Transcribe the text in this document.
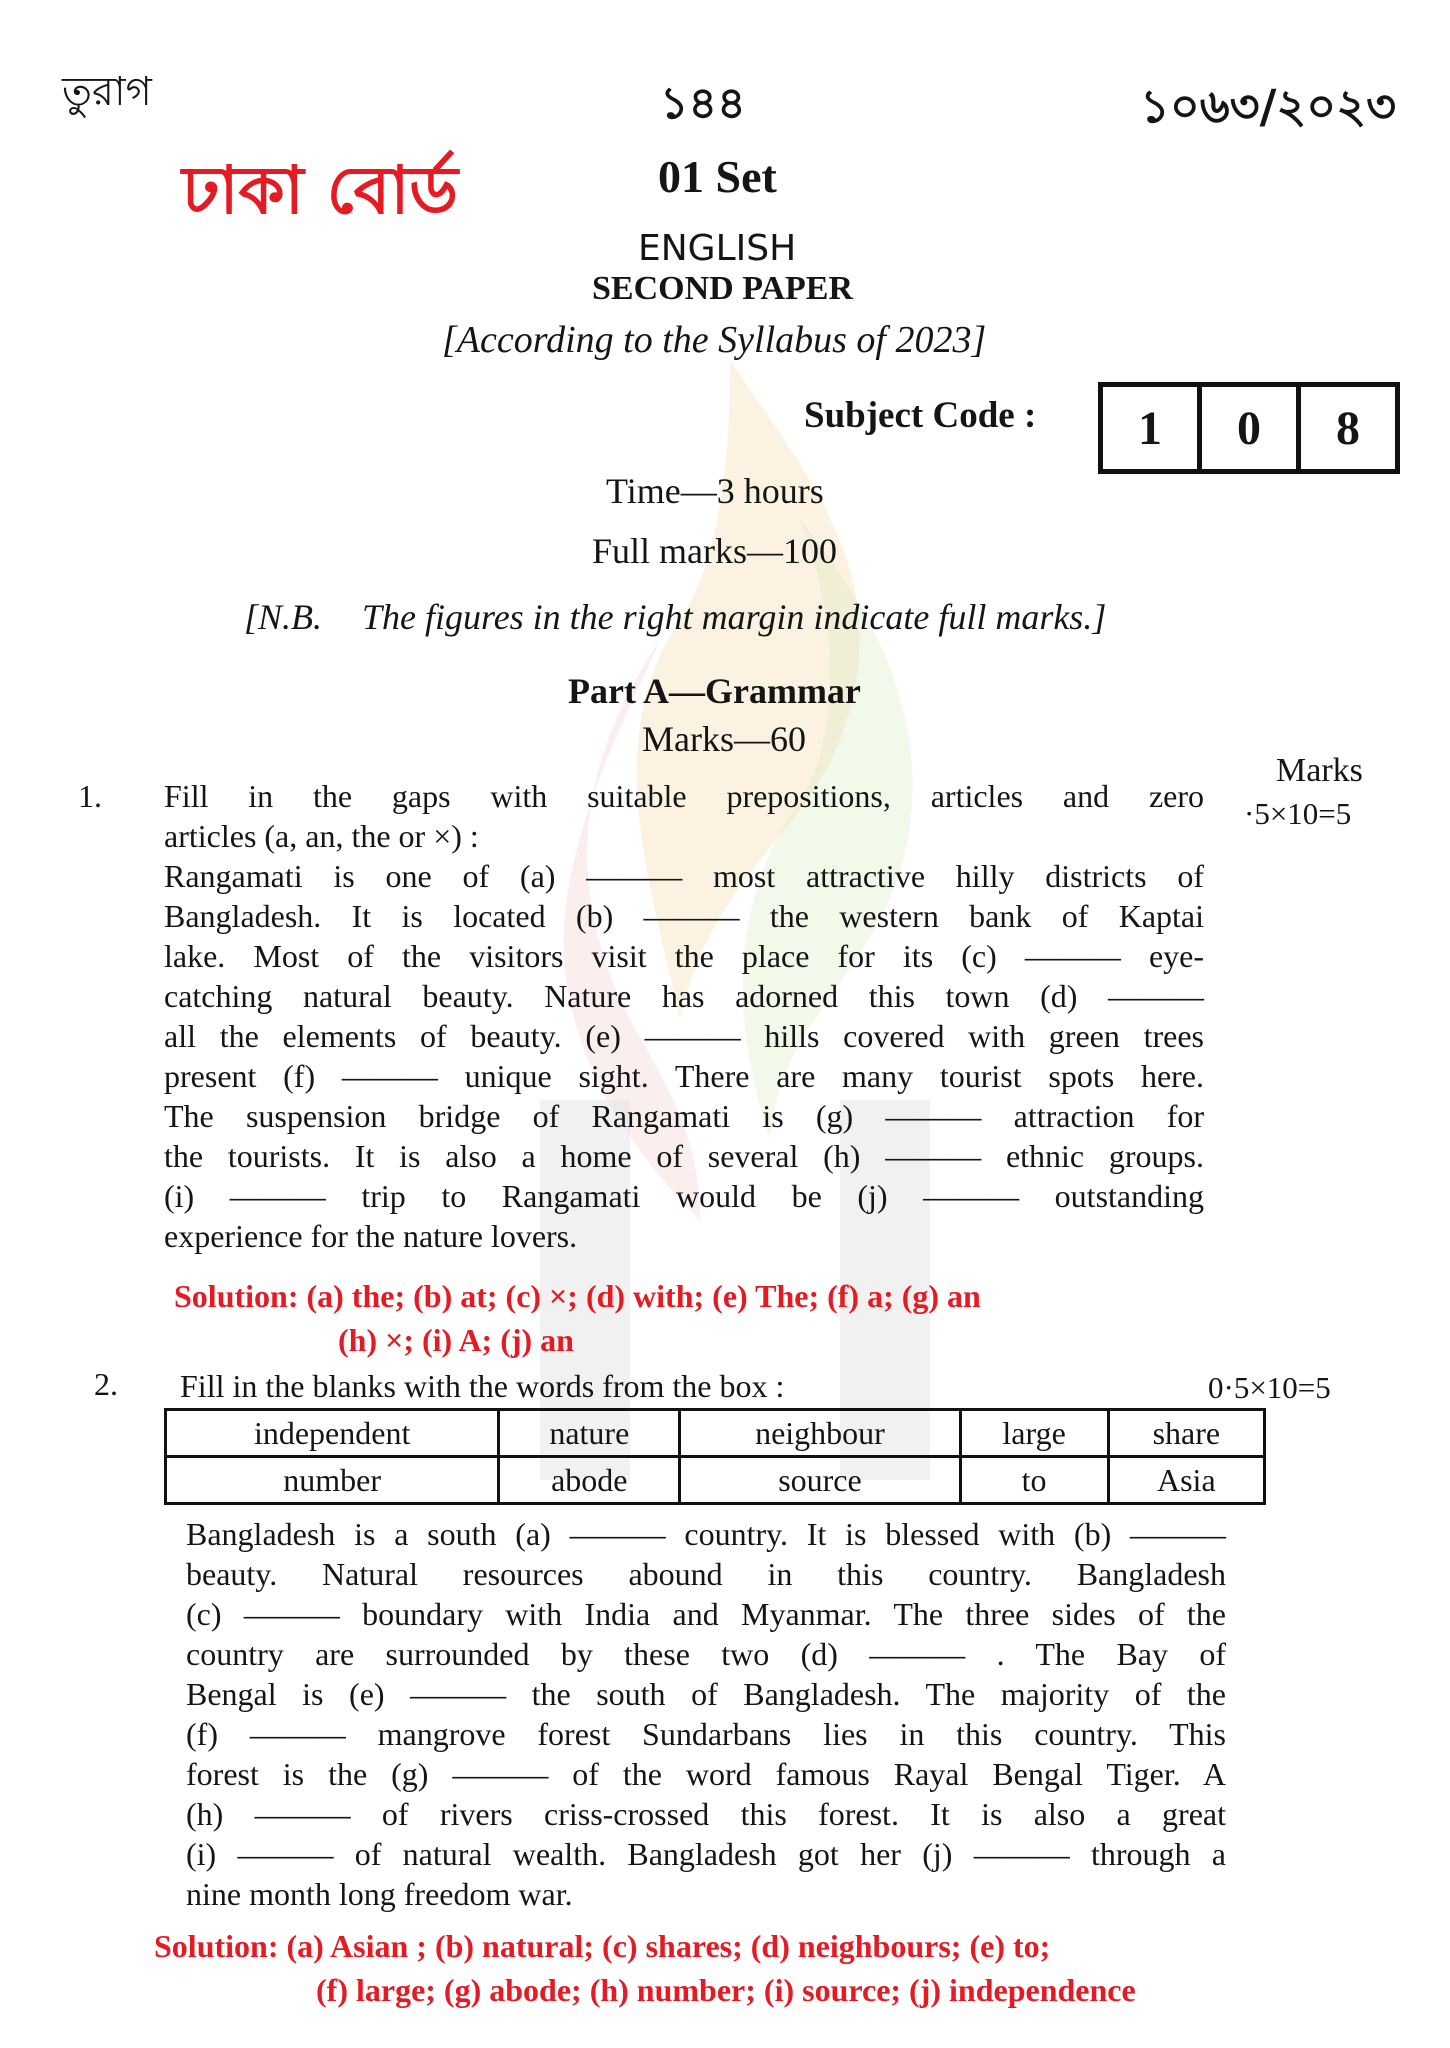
তুরাগ	১৪৪	১০৬৩/২০২৩
ঢাকা বোর্ড	01 Set
ENGLISH
SECOND PAPER
[According to the Syllabus of 2023]
Subject Code :	1	0	8
Time—3 hours
Full marks—100
[N.B. The figures in the right margin indicate full marks.]
Part A—Grammar
Marks—60
Marks
1.	·5×10=5

Fill in the gaps with suitable prepositions, articles and zero

articles (a, an, the or ×) :

Rangamati is one of (a) ——— most attractive hilly districts of

Bangladesh. It is located (b) ——— the western bank of Kaptai

lake. Most of the visitors visit the place for its (c) ——— eye-

catching natural beauty. Nature has adorned this town (d) ———

all the elements of beauty. (e) ——— hills covered with green trees

present (f) ——— unique sight. There are many tourist spots here.

The suspension bridge of Rangamati is (g) ——— attraction for

the tourists. It is also a home of several (h) ——— ethnic groups.

(i) ——— trip to Rangamati would be (j) ——— outstanding

experience for the nature lovers.

Solution: (a) the; (b) at; (c) ×; (d) with; (e) The; (f) a; (g) an
(h) ×; (i) A; (j) an
2. Fill in the blanks with the words from the box :	0·5×10=5
independent	nature	neighbour	large	share
number	abode	source	to	Asia

Bangladesh is a south (a) ——— country. It is blessed with (b) ———

beauty. Natural resources abound in this country. Bangladesh

(c) ——— boundary with India and Myanmar. The three sides of the

country are surrounded by these two (d) ——— . The Bay of

Bengal is (e) ——— the south of Bangladesh. The majority of the

(f) ——— mangrove forest Sundarbans lies in this country. This

forest is the (g) ——— of the word famous Rayal Bengal Tiger. A

(h) ——— of rivers criss-crossed this forest. It is also a great

(i) ——— of natural wealth. Bangladesh got her (j) ——— through a

nine month long freedom war.

Solution: (a) Asian ; (b) natural; (c) shares; (d) neighbours; (e) to;
(f) large; (g) abode; (h) number; (i) source; (j) independence
